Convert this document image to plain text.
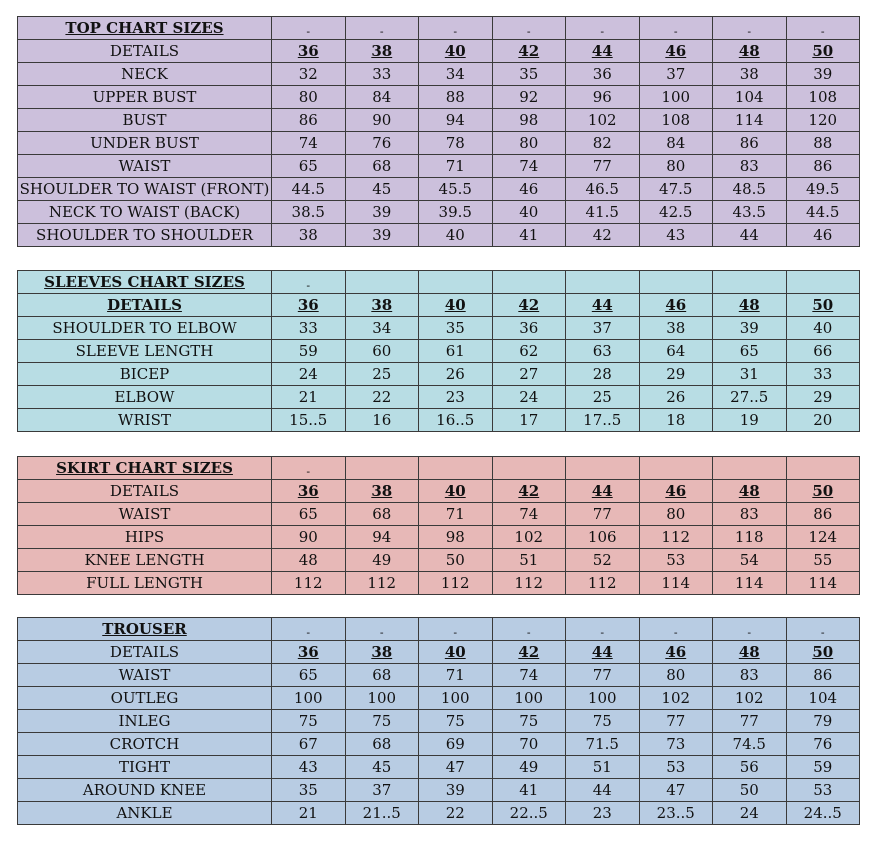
TOP CHART SIZES	-	-	-	-	-	-	-	-
DETAILS	36	38	40	42	44	46	48	50
NECK	32	33	34	35	36	37	38	39
UPPER BUST	80	84	88	92	96	100	104	108
BUST	86	90	94	98	102	108	114	120
UNDER BUST	74	76	78	80	82	84	86	88
WAIST	65	68	71	74	77	80	83	86
SHOULDER TO WAIST (FRONT)	44.5	45	45.5	46	46.5	47.5	48.5	49.5
NECK TO WAIST (BACK)	38.5	39	39.5	40	41.5	42.5	43.5	44.5
SHOULDER TO SHOULDER	38	39	40	41	42	43	44	46
SLEEVES CHART SIZES	-							
DETAILS	36	38	40	42	44	46	48	50
SHOULDER TO ELBOW	33	34	35	36	37	38	39	40
SLEEVE LENGTH	59	60	61	62	63	64	65	66
BICEP	24	25	26	27	28	29	31	33
ELBOW	21	22	23	24	25	26	27..5	29
WRIST	15..5	16	16..5	17	17..5	18	19	20
SKIRT CHART SIZES	-							
DETAILS	36	38	40	42	44	46	48	50
WAIST	65	68	71	74	77	80	83	86
HIPS	90	94	98	102	106	112	118	124
KNEE LENGTH	48	49	50	51	52	53	54	55
FULL LENGTH	112	112	112	112	112	114	114	114
TROUSER	-	-	-	-	-	-	-	-
DETAILS	36	38	40	42	44	46	48	50
WAIST	65	68	71	74	77	80	83	86
OUTLEG	100	100	100	100	100	102	102	104
INLEG	75	75	75	75	75	77	77	79
CROTCH	67	68	69	70	71.5	73	74.5	76
TIGHT	43	45	47	49	51	53	56	59
AROUND KNEE	35	37	39	41	44	47	50	53
ANKLE	21	21..5	22	22..5	23	23..5	24	24..5
